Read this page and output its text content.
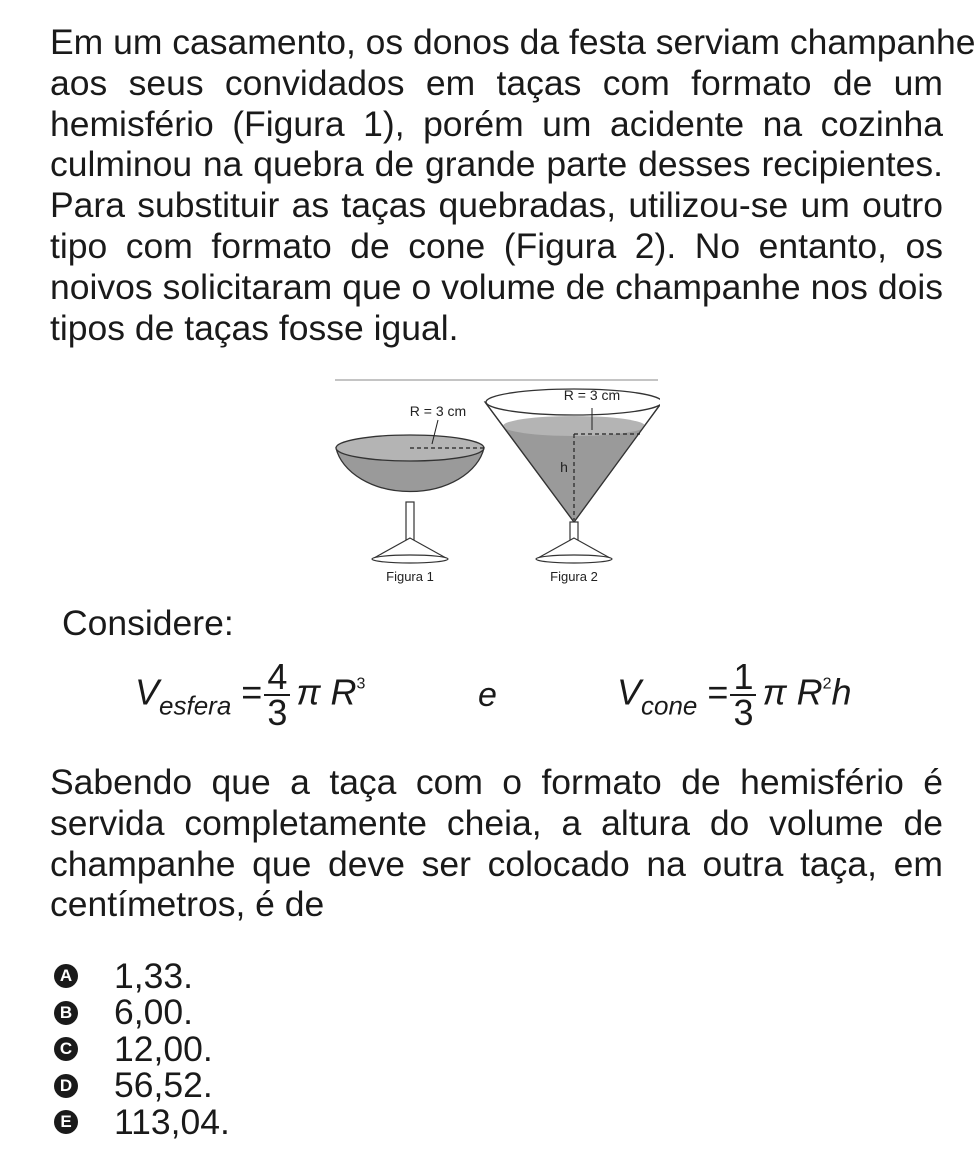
Em um casamento, os donos da festa serviam champanhe
aos seus convidados em taças com formato de um
hemisfério (Figura 1), porém um acidente na cozinha
culminou na quebra de grande parte desses recipientes.
Para substituir as taças quebradas, utilizou-se um outro
tipo com formato de cone (Figura 2). No entanto, os
noivos solicitaram que o volume de champanhe nos dois
tipos de taças fosse igual.

R = 3 cm
Figura 1
R = 3 cm
h
Figura 2
Considere:
$V_{esfera} = \frac{4}{3}$ π $R^3$	e	$V_{cone} = \frac{1}{3}$ π $R^2h$

Sabendo que a taça com o formato de hemisfério é
servida completamente cheia, a altura do volume de
champanhe que deve ser colocado na outra taça, em
centímetros, é de

A 1,33.
B 6,00.
C 12,00.
D 56,52.
E 113,04.
